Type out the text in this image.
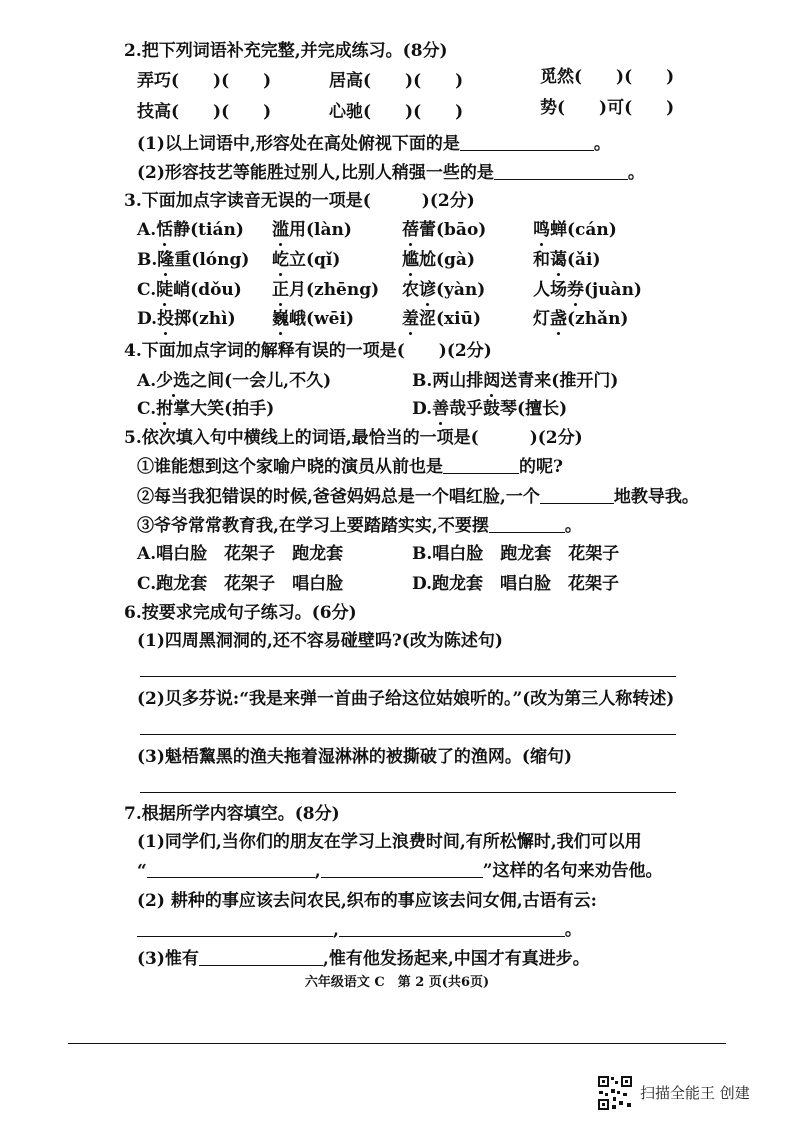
2.把下列词语补充完整,并完成练习。(8分)
弄巧(　　)(　　)	居高(　　)(　　)	觅然(　　)(　　)
技高(　　)(　　)	心驰(　　)(　　)	势(　　)可(　　)
(1)以上词语中,形容处在高处俯视下面的是	。
(2)形容技艺等能胜过别人,比别人稍强一些的是	。
3.下面加点字读音无误的一项是(　　　)(2分)
A.恬静(tián) 滥用(làn)	蓓蕾(bāo)	鸣蝉(cán)
B.隆重(lóng) 屹立(qǐ)	尴尬(gà)	和蔼(ǎi)
C.陡峭(dǒu) 正月(zhēng) 农谚(yàn)	人场券(juàn)
D.投掷(zhì) 巍峨(wēi)	羞涩(xiū)	灯盏(zhǎn)
4.下面加点字词的解释有误的一项是(　　)(2分)
A.少选之间(一会儿,不久)	B.两山排闼送青来(推开门)
C.拊掌大笑(拍手)	D.善哉乎鼓琴(擅长)
5.依次填入句中横线上的词语,最恰当的一项是(　　　)(2分)
①谁能想到这个家喻户晓的演员从前也是	的呢?
②每当我犯错误的时候,爸爸妈妈总是一个唱红脸,一个	地教导我。
③爷爷常常教育我,在学习上要踏踏实实,不要摆	。
A.唱白脸　花架子　跑龙套	B.唱白脸　跑龙套　花架子
C.跑龙套　花架子　唱白脸	D.跑龙套　唱白脸　花架子
6.按要求完成句子练习。(6分)
(1)四周黑洞洞的,还不容易碰壁吗?(改为陈述句)
(2)贝多芬说:“我是来弹一首曲子给这位姑娘听的。”(改为第三人称转述)
(3)魁梧黧黑的渔夫拖着湿淋淋的被撕破了的渔网。(缩句)
7.根据所学内容填空。(8分)
(1)同学们,当你们的朋友在学习上浪费时间,有所松懈时,我们可以用
“	,	”这样的名句来劝告他。
(2) 耕种的事应该去问农民,织布的事应该去问女佣,古语有云:
,	。
(3)惟有	,惟有他发扬起来,中国才有真进步。
六年级语文 C　第 2 页(共6页)
扫描全能王 创建
